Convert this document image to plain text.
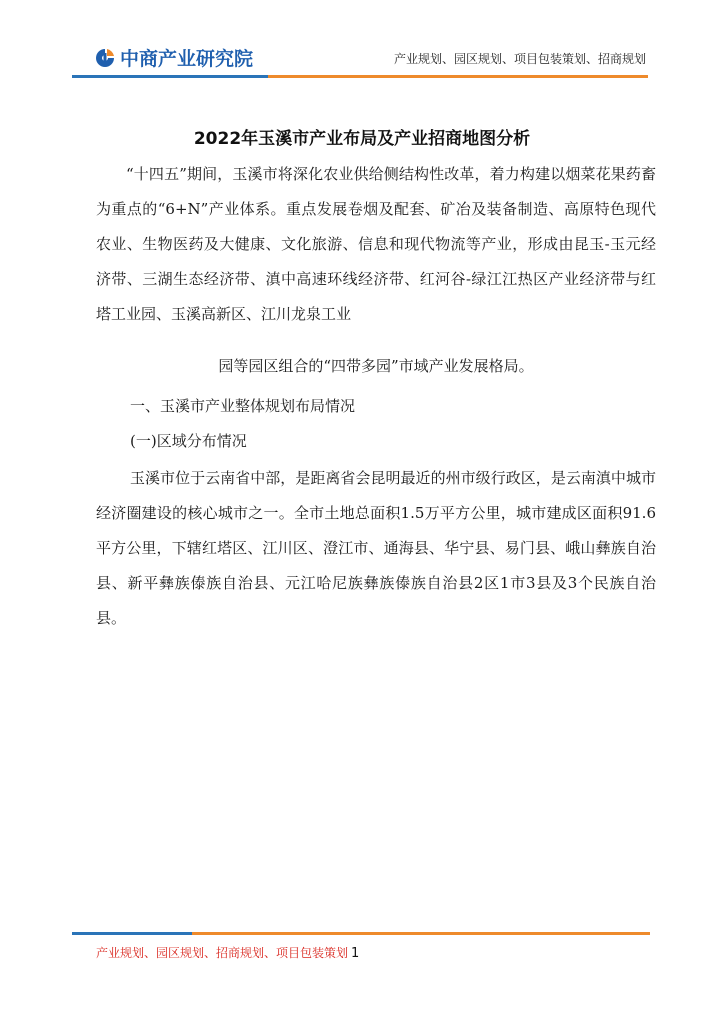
中商产业研究院	产业规划、园区规划、项目包装策划、招商规划
2022年玉溪市产业布局及产业招商地图分析

“十四五”期间，玉溪市将深化农业供给侧结构性改革，着力构建以烟菜花果药畜为重点的“6+N”产业体系。重点发展卷烟及配套、矿冶及装备制造、高原特色现代农业、生物医药及大健康、文化旅游、信息和现代物流等产业，形成由昆玉-玉元经济带、三湖生态经济带、滇中高速环线经济带、红河谷-绿江江热区产业经济带与红塔工业园、玉溪高新区、江川龙泉工业

园等园区组合的“四带多园”市域产业发展格局。

一、玉溪市产业整体规划布局情况

(一)区域分布情况

玉溪市位于云南省中部，是距离省会昆明最近的州市级行政区，是云南滇中城市经济圈建设的核心城市之一。全市土地总面积1.5万平方公里，城市建成区面积91.6平方公里，下辖红塔区、江川区、澄江市、通海县、华宁县、易门县、峨山彝族自治县、新平彝族傣族自治县、元江哈尼族彝族傣族自治县2区1市3县及3个民族自治县。

产业规划、园区规划、招商规划、项目包装策划 1
